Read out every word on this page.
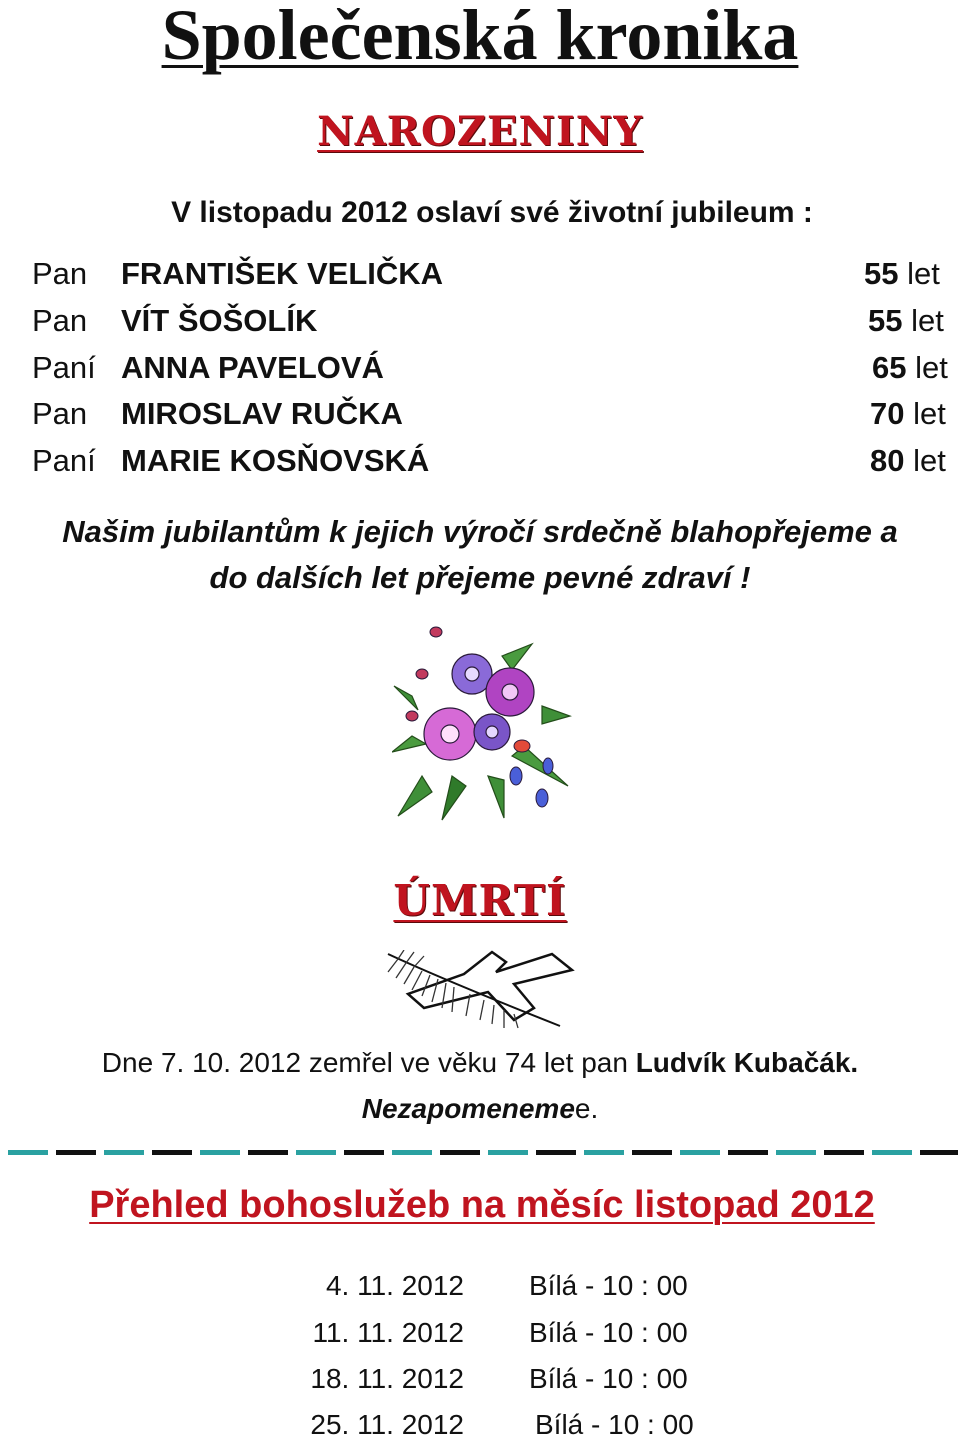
Společenská kronika
NAROZENINY
V listopadu 2012 oslaví své životní jubileum :
Pan FRANTIŠEK VELIČKA	55 let
Pan VÍT ŠOŠOLÍK	55 let
Paní ANNA PAVELOVÁ	65 let
Pan MIROSLAV RUČKA	70 let
Paní MARIE KOSŇOVSKÁ	80 let
Našim jubilantům k jejich výročí srdečně blahopřejeme a
do dalších let přejeme pevné zdraví !
ÚMRTÍ
Dne 7. 10. 2012 zemřel ve věku 74 let pan Ludvík Kubačák.
Nezapomenemee.
Přehled bohoslužeb na měsíc listopad 2012
4. 11. 2012 Bílá - 10 : 00
11. 11. 2012 Bílá - 10 : 00
18. 11. 2012 Bílá - 10 : 00
25. 11. 2012	Bílá - 10 : 00
